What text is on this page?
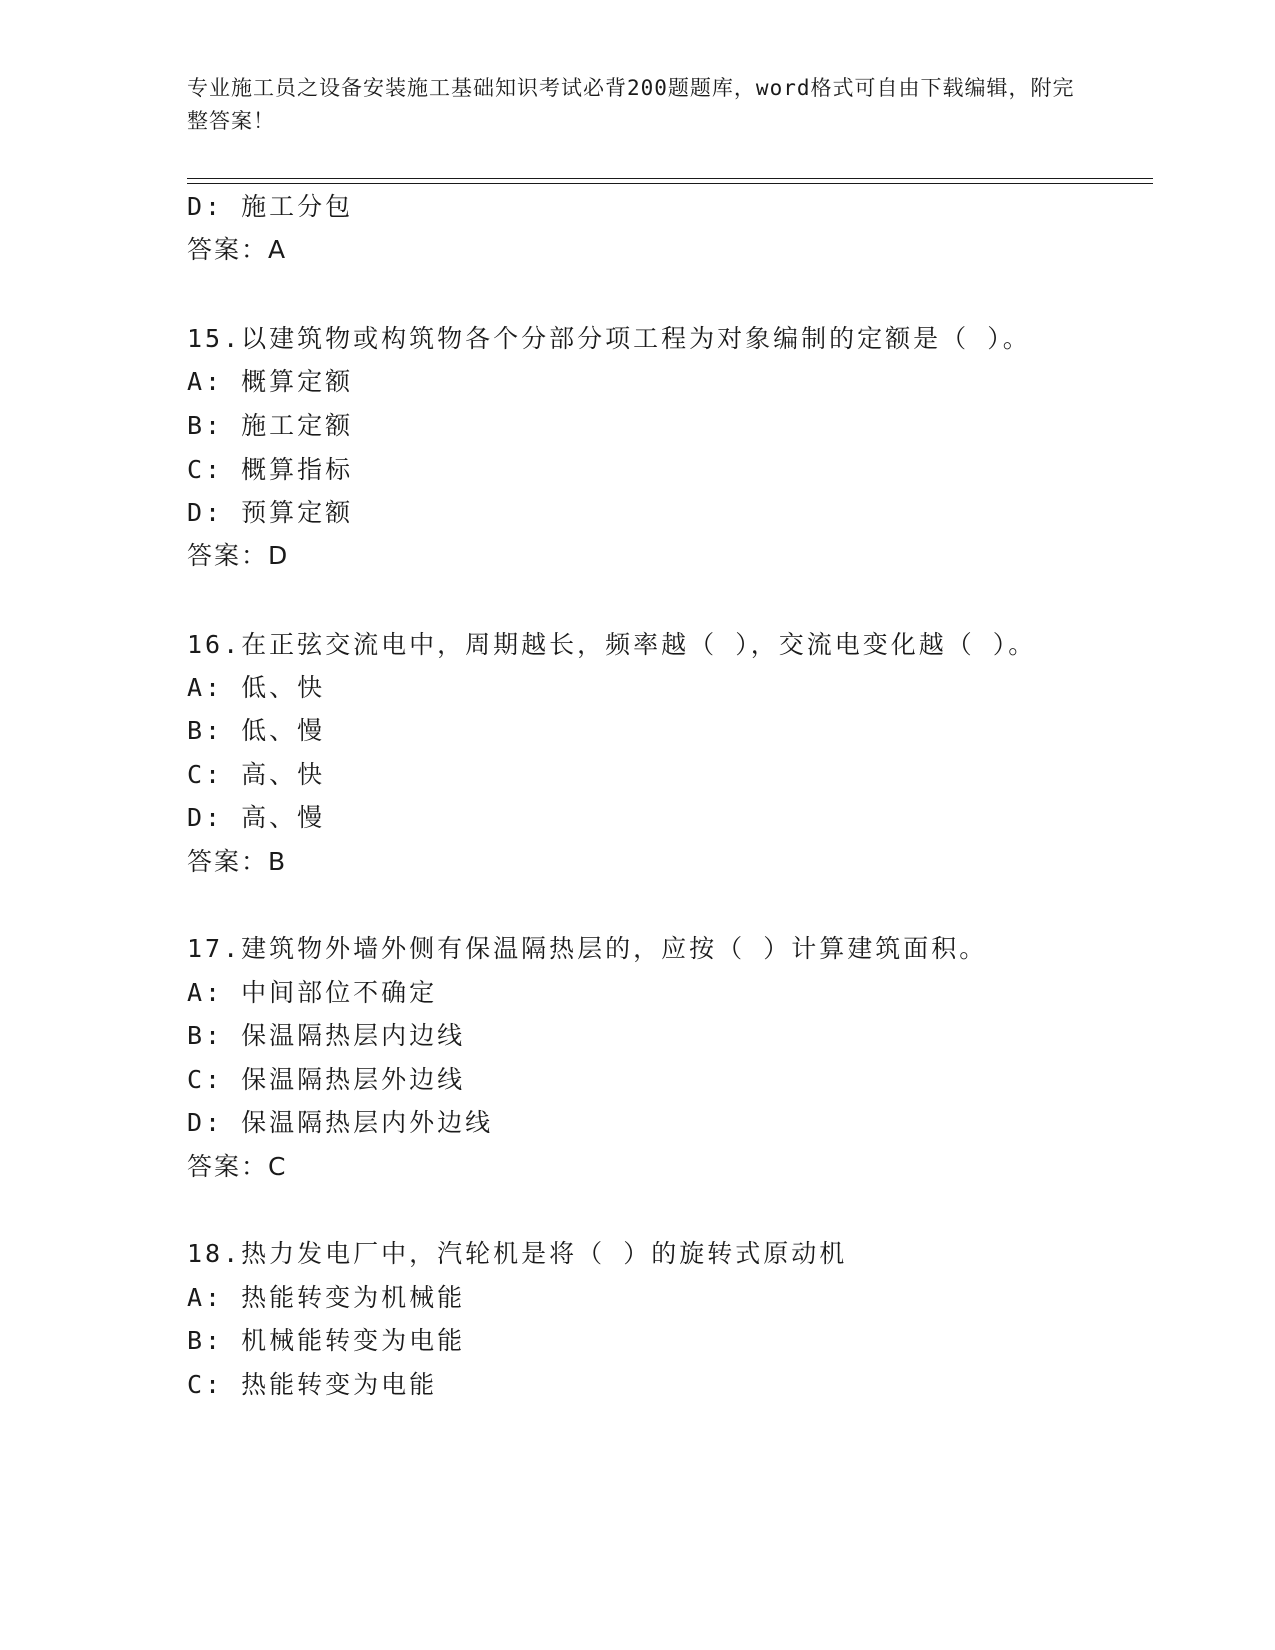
专业施工员之设备安装施工基础知识考试必背200题题库，word格式可自由下载编辑，附完整答案！
D: 施工分包
答案：A
15.以建筑物或构筑物各个分部分项工程为对象编制的定额是（ ）。
A: 概算定额
B: 施工定额
C: 概算指标
D: 预算定额
答案：D
16.在正弦交流电中，周期越长，频率越（ ），交流电变化越（ ）。
A: 低、快
B: 低、慢
C: 高、快
D: 高、慢
答案：B
17.建筑物外墙外侧有保温隔热层的，应按（ ）计算建筑面积。
A: 中间部位不确定
B: 保温隔热层内边线
C: 保温隔热层外边线
D: 保温隔热层内外边线
答案：C
18.热力发电厂中，汽轮机是将（ ）的旋转式原动机
A: 热能转变为机械能
B: 机械能转变为电能
C: 热能转变为电能
